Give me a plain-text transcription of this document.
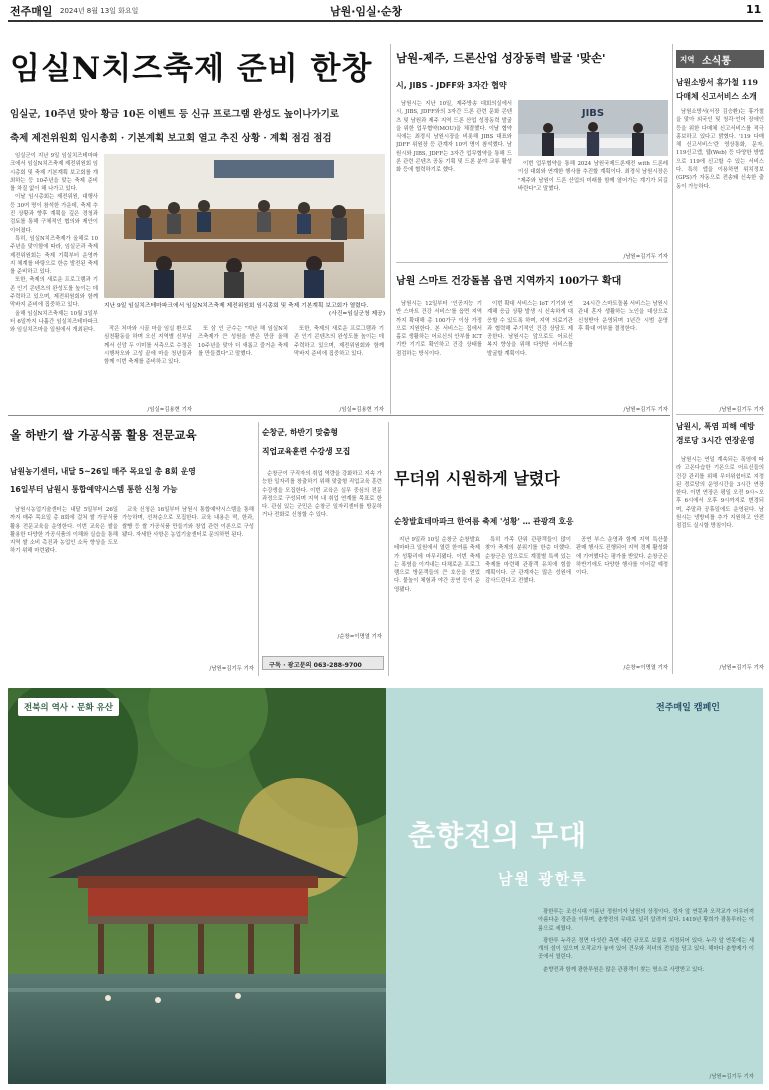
전주매일 2024년 8월 13일 화요일	남원·임실·순창	11
임실N치즈축제 준비 한창
임실군, 10주년 맞아 황금 10돈 이벤트 등 신규 프로그램 완성도 높이나가기로
축제 제전위원회 임시총회 · 기본계획 보고회 열고 추진 상황 · 계획 점검 점검

임실군이 지난 9일 임실치즈테마파크에서 임실N치즈축제 제전위원회 임시총회 및 축제 기본계획 보고회를 개최하는 등 10주년을 맞는 축제 준비를 차질 없이 해 나가고 있다.

이날 임시총회는 제전위원, 대행사 등 30여 명이 참석한 가운데, 축제 추진 상황과 향후 계획을 깊은 경청과 검토를 통해 구체적인 협의와 제안이 이어졌다.

특히, 임실N치즈축제가 올해로 10주년을 맞이함에 따라, 임실군과 축제 제전위원회는 축제 기획부터 운영까지 체계를 바탕으로 한층 발전된 축제를 준비하고 있다.

또한, 축제의 새로운 프로그램과 기존 인기 콘텐츠의 완성도를 높이는 데 주력하고 있으며, 제전위원회와 함께 막바지 준비에 집중하고 있다.

올해 임실N치즈축제는 10월 3일부터 6일까지 나흘간 임실치즈테마파크와 임실치즈마을 일원에서 개최된다.

지난 9일 임실치즈테마파크에서 임실N치즈축제 제전위원회 임시총회 및 축제 기본계획 보고회가 열렸다.
(사진=임실군청 제공)

작은 처마와 시골 마을 임실 환으로 심천활동을 하며 오신 지역별 신부님께서 신앙 두 이미를 서측으로 수정은 시행착오와 고성 끝에 마을 청년들과 함께 이번 축제를 준비하고 있다.

/임실=김용현 기자

또 삼 인 군수는 "지난 해 임실N치즈축제가 큰 성원을 받은 만큼 올해 10주년을 맞아 더 새롭고 즐거운 축제를 만들겠다"고 말했다.

또한, 축제의 새로운 프로그램과 기존 인기 콘텐츠의 완성도를 높이는 데 주력하고 있으며, 제전위원회와 함께 막바지 준비에 집중하고 있다.

/임실=김용현 기자
남원-제주, 드론산업 성장동력 발굴 '맞손'
시, JIBS - JDFF와 3자간 협약

남원시는 지난 10일, 제주방송 대회의실에서 시, JIBS, JDFF와의 3자간 드론 관련 문화 콘텐츠 및 남원과 제주 지역 드론 산업 성장동력 발굴을 위한 업무협약(MOU)을 체결했다. 이날 협약식에는 최경식 남원시장을 비롯해 JIBS 대표와 JDFF 위원장 등 관계자 10여 명이 참석했다. 남원시와 JIBS, JDFF는 3자간 업무협약을 통해 드론 관련 콘텐츠 공동 기획 및 드론 분야 교류 활성화 등에 협력하기로 했다.

JIBS

이번 업무협약을 통해 2024 남원국제드론제전 with 드론레이싱 대회와 연계한 행사를 추진할 계획이다. 최경식 남원시장은 "제주와 남원이 드론 산업의 미래를 함께 열어가는 계기가 되길 바란다"고 말했다.

/남원=김기두 기자
남원 스마트 건강돌봄 읍면 지역까지 100가구 확대

남원시는 12일부터 '인공지능 기반 스마트 건강 서비스'를 읍면 지역까지 확대해 총 100가구 이상 가정으로 지원한다. 본 서비스는 집에서 홀로 생활하는 어르신의 안부를 ICT 기반 기기로 확인하고 건강 상태를 점검하는 방식이다.

이번 확대 서비스는 IoT 기기와 연계해 응급 상황 발생 시 신속하게 대응할 수 있도록 하며, 지역 의료기관과 협력해 주기적인 건강 상담도 제공한다. 남원시는 앞으로도 어르신 복지 향상을 위해 다양한 서비스를 발굴할 계획이다.

24시간 스마트돌봄 서비스는 남원시 관내 혼자 생활하는 노인을 대상으로 신청받아 운영되며 1년간 시범 운영 후 확대 여부를 결정한다.

/남원=김기두 기자
지역 소식통
남원소방서 휴가철 119 다매체 신고서비스 소개

남원소방서(서장 김승환)는 휴가철을 맞아 외국인 및 청각·언어 장애인 등을 위한 다매체 신고서비스를 적극 홍보하고 있다고 밝혔다. '119 다매체 신고서비스'란 영상통화, 문자, 119신고앱, 웹(Web) 등 다양한 방법으로 119에 신고할 수 있는 서비스다. 특히 앱을 이용하면 위치정보(GPS)가 자동으로 전송돼 신속한 출동이 가능하다.

/남원=김기두 기자
남원시, 폭염 피해 예방 경로당 3시간 연장운영

남원시는 연일 계속되는 폭염에 따라 고온다습한 기온으로 어르신들의 건강 관리를 위해 무더위쉼터로 지정된 경로당의 운영시간을 3시간 연장한다. 이번 연장은 평일 오전 9시~오후 6시에서 오후 9시까지로 변경되며, 주말과 공휴일에도 운영된다. 남원시는 냉방비를 추가 지원하고 안전 점검도 실시할 방침이다.

/남원=김기두 기자
올 하반기 쌀 가공식품 활용 전문교육
남원농기센터, 내달 5~26일 매주 목요일 총 8회 운영
16일부터 남원시 통합예약시스템 통한 신청 가능

남원시농업기술센터는 내달 5일부터 26일까지 매주 목요일 총 8회에 걸쳐 쌀 가공식품 활용 전문교육을 운영한다. 이번 교육은 쌀을 활용한 다양한 가공식품의 이해와 실습을 통해 지역 쌀 소비 촉진과 농업인 소득 향상을 도모하기 위해 마련됐다.

교육 신청은 16일부터 남원시 통합예약시스템을 통해 가능하며, 선착순으로 모집한다. 교육 내용은 떡, 한과, 쌀빵 등 쌀 가공식품 만들기와 창업 관련 이론으로 구성됐다. 자세한 사항은 농업기술센터로 문의하면 된다.

/남원=김기두 기자
순창군, 하반기 맞춤형
직업교육훈련 수강생 모집

순창군이 구직자의 취업 역량을 강화하고 지속 가능한 일자리를 창출하기 위해 맞춤형 직업교육 훈련 수강생을 모집한다. 이번 교육은 실무 중심의 전문 과정으로 구성되며 지역 내 취업 연계를 목표로 한다. 관심 있는 군민은 순창군 일자리센터를 방문하거나 전화로 신청할 수 있다.

/순창=이명열 기자
구독 · 광고문의 063-288-9700
무더위 시원하게 날렸다
순창발효테마파크 한여름 축제 '성황' … 관광객 호응

지난 9일과 10일 순창군 순창발효테마파크 일원에서 열린 한여름 축제가 성황리에 마무리됐다. 이번 축제는 폭염을 이겨내는 다채로운 프로그램으로 방문객들의 큰 호응을 얻었다. 물놀이 체험과 야간 공연 등이 운영됐다.

특히 가족 단위 관광객들이 많이 찾아 축제의 분위기를 한층 더했다. 순창군은 앞으로도 계절별 특색 있는 축제를 마련해 관광객 유치에 힘쓸 계획이다. 군 관계자는 많은 성원에 감사드린다고 전했다.

공연 부스 운영과 함께 지역 특산물 판매 행사도 진행되어 지역 경제 활성화에 기여했다는 평가를 받았다. 순창군은 하반기에도 다양한 행사를 이어갈 예정이다.

/순창=이명열 기자
전북의 역사 · 문화 유산	전주매일 캠페인
춘향전의 무대
남원 광한루

광한루는 조선시대 이름난 정원이자 남원의 상징이다. 정자 앞 연못과 오작교가 어우러져 아름다운 경관을 이루며, 춘향전의 무대로 널리 알려져 있다. 1419년 황희가 광통루라는 이름으로 세웠다.

광한루 누각은 정면 다섯칸 측면 네칸 규모로 보물로 지정되어 있다. 누각 앞 연못에는 세 개의 섬이 있으며 오작교가 놓여 있어 견우와 직녀의 전설을 담고 있다. 해마다 춘향제가 이곳에서 열린다.

춘향전과 함께 광한루원은 많은 관광객이 찾는 명소로 사랑받고 있다.

/남원=김기두 기자
